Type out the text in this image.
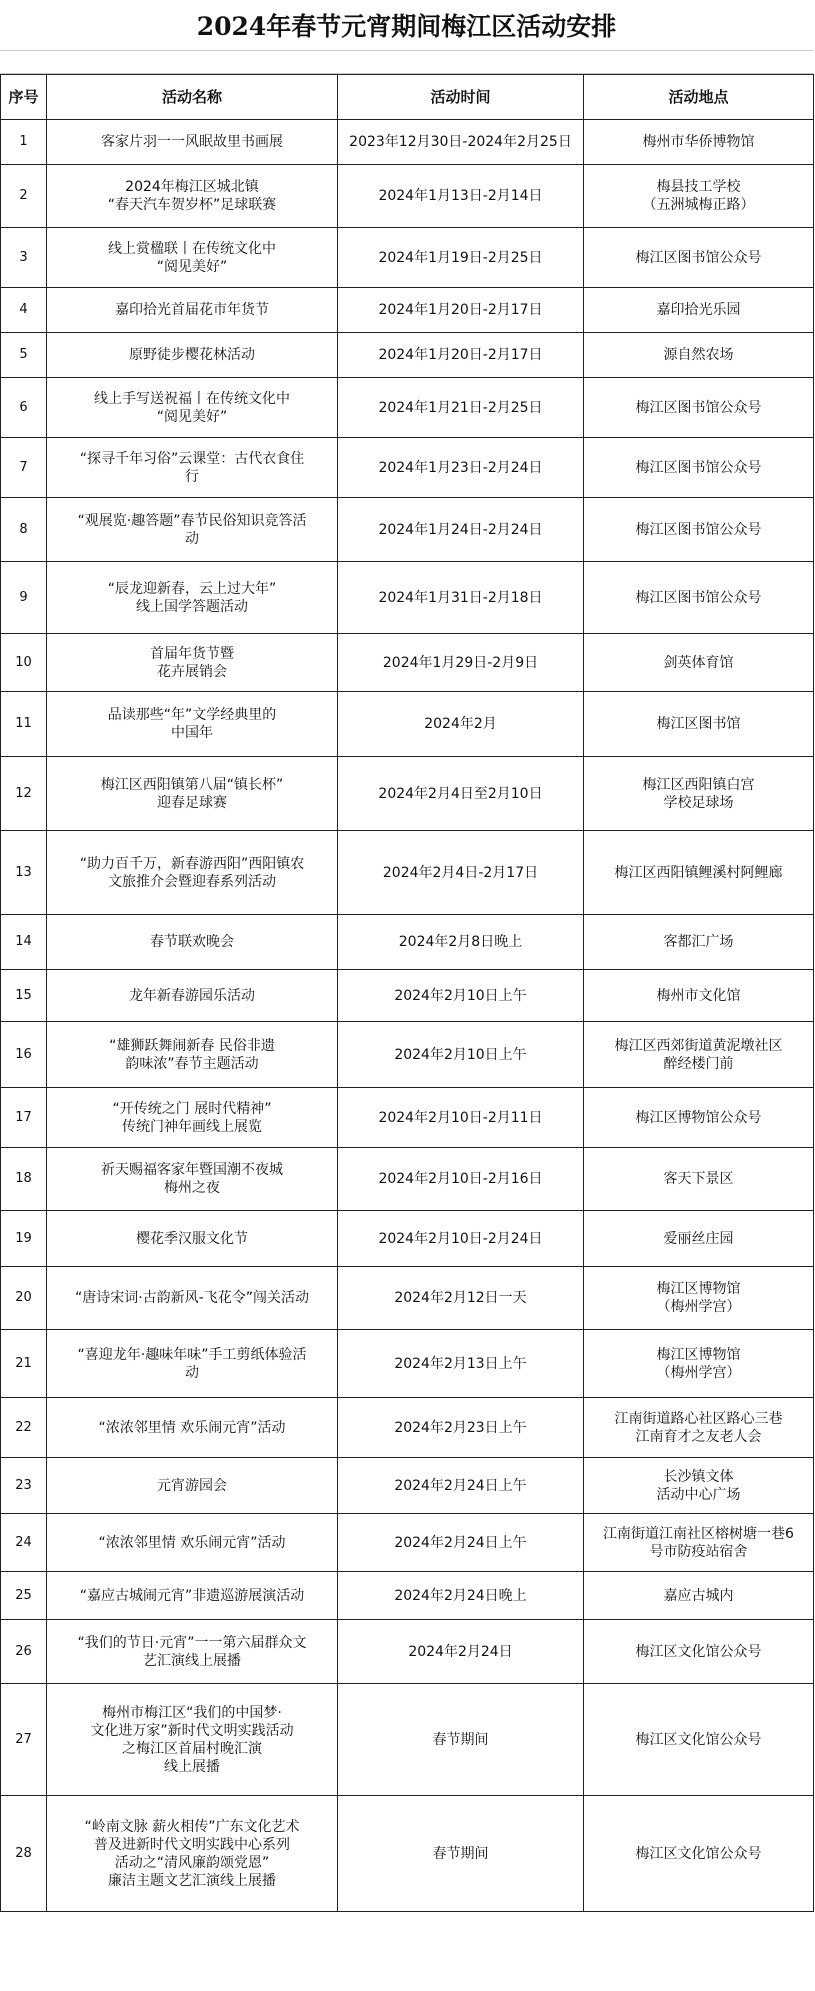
2024年春节元宵期间梅江区活动安排
序号	活动名称	活动时间	活动地点
1	客家片羽一一风眠故里书画展	2023年12月30日-2024年2月25日	梅州市华侨博物馆
2	2024年梅江区城北镇
“春天汽车贺岁杯”足球联赛	2024年1月13日-2月14日	梅县技工学校
（五洲城梅正路）
3	线上赏楹联丨在传统文化中
“阅见美好”	2024年1月19日-2月25日	梅江区图书馆公众号
4	嘉印拾光首届花市年货节	2024年1月20日-2月17日	嘉印拾光乐园
5	原野徒步樱花林活动	2024年1月20日-2月17日	源自然农场
6	线上手写送祝福丨在传统文化中
“阅见美好”	2024年1月21日-2月25日	梅江区图书馆公众号
7	“探寻千年习俗”云课堂：古代衣食住
行	2024年1月23日-2月24日	梅江区图书馆公众号
8	“观展览·趣答题”春节民俗知识竞答活
动	2024年1月24日-2月24日	梅江区图书馆公众号
9	“辰龙迎新春，云上过大年”
线上国学答题活动	2024年1月31日-2月18日	梅江区图书馆公众号
10	首届年货节暨
花卉展销会	2024年1月29日-2月9日	剑英体育馆
11	品读那些“年”文学经典里的
中国年	2024年2月	梅江区图书馆
12	梅江区西阳镇第八届“镇长杯”
迎春足球赛	2024年2月4日至2月10日	梅江区西阳镇白宫
学校足球场
13	“助力百千万，新春游西阳”西阳镇农
文旅推介会暨迎春系列活动	2024年2月4日-2月17日	梅江区西阳镇鲤溪村阿鲤廊
14	春节联欢晚会	2024年2月8日晚上	客都汇广场
15	龙年新春游园乐活动	2024年2月10日上午	梅州市文化馆
16	“雄狮跃舞闹新春 民俗非遗
韵味浓”春节主题活动	2024年2月10日上午	梅江区西郊街道黄泥墩社区
醉经楼门前
17	“开传统之门 展时代精神”
传统门神年画线上展览	2024年2月10日-2月11日	梅江区博物馆公众号
18	祈天赐福客家年暨国潮不夜城
梅州之夜	2024年2月10日-2月16日	客天下景区
19	樱花季汉服文化节	2024年2月10日-2月24日	爱丽丝庄园
20	“唐诗宋词·古韵新风-飞花令”闯关活动	2024年2月12日一天	梅江区博物馆
（梅州学宫）
21	“喜迎龙年·趣味年味”手工剪纸体验活
动	2024年2月13日上午	梅江区博物馆
（梅州学宫）
22	“浓浓邻里情 欢乐闹元宵”活动	2024年2月23日上午	江南街道路心社区路心三巷
江南育才之友老人会
23	元宵游园会	2024年2月24日上午	长沙镇文体
活动中心广场
24	“浓浓邻里情 欢乐闹元宵”活动	2024年2月24日上午	江南街道江南社区榕树塘一巷6
号市防疫站宿舍
25	“嘉应古城闹元宵”非遗巡游展演活动	2024年2月24日晚上	嘉应古城内
26	“我们的节日·元宵”一一第六届群众文
艺汇演线上展播	2024年2月24日	梅江区文化馆公众号
27	梅州市梅江区“我们的中国梦·
文化进万家”新时代文明实践活动
之梅江区首届村晚汇演
线上展播	春节期间	梅江区文化馆公众号
28	“岭南文脉 薪火相传”广东文化艺术
普及进新时代文明实践中心系列
活动之“清风廉韵颂党恩”
廉洁主题文艺汇演线上展播	春节期间	梅江区文化馆公众号
